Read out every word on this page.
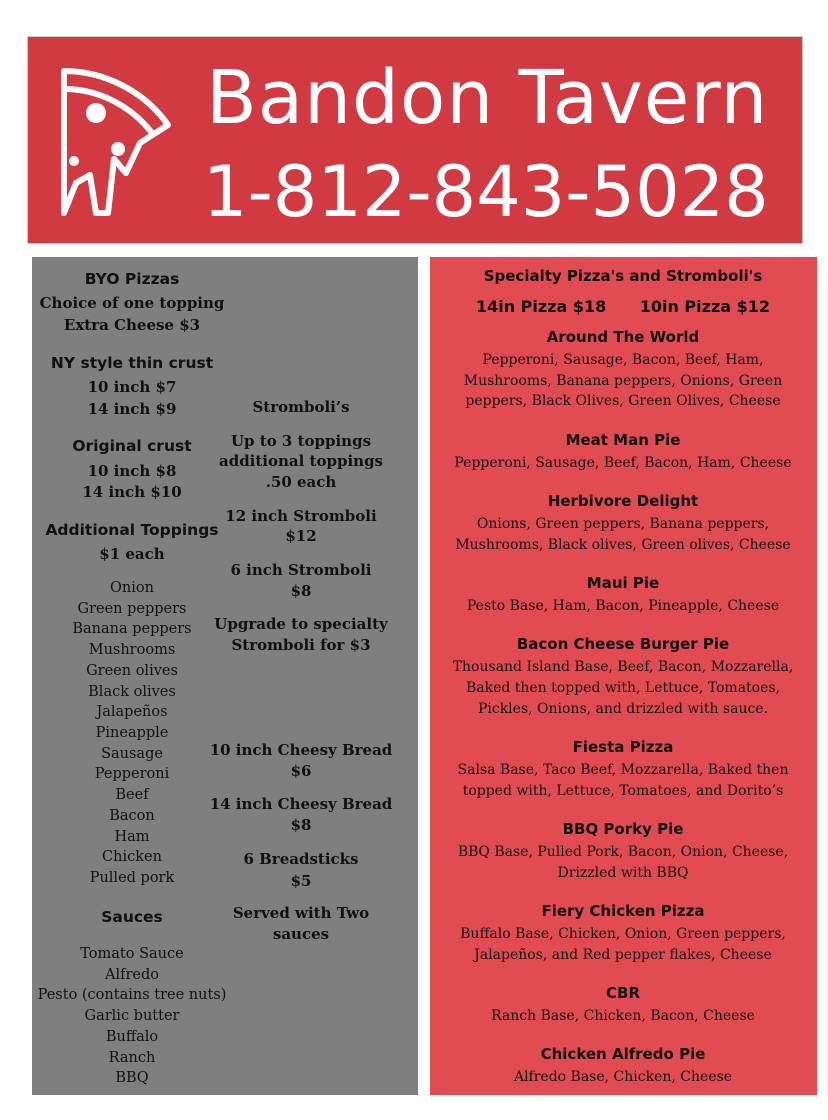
Bandon Tavern
1-812-843-5028
BYO Pizzas
Choice of one topping
Extra Cheese $3
NY style thin crust
10 inch $7
14 inch $9
Original crust
10 inch $8
14 inch $10
Additional Toppings
$1 each
Onion
Green peppers
Banana peppers
Mushrooms
Green olives
Black olives
Jalapeños
Pineapple
Sausage
Pepperoni
Beef
Bacon
Ham
Chicken
Pulled pork
Sauces
Tomato Sauce
Alfredo
Pesto (contains tree nuts)
Garlic butter
Buffalo
Ranch
BBQ
Stromboli’s
Up to 3 toppings
additional toppings
.50 each
12 inch Stromboli
$12
6 inch Stromboli
$8
Upgrade to specialty
Stromboli for $3
10 inch Cheesy Bread
$6
14 inch Cheesy Bread
$8
6 Breadsticks
$5
Served with Two
sauces
Specialty Pizza's and Stromboli's
14in Pizza $18      10in Pizza $12
Around The World
Pepperoni, Sausage, Bacon, Beef, Ham,
Mushrooms, Banana peppers, Onions, Green
peppers, Black Olives, Green Olives, Cheese
Meat Man Pie
Pepperoni, Sausage, Beef, Bacon, Ham, Cheese
Herbivore Delight
Onions, Green peppers, Banana peppers,
Mushrooms, Black olives, Green olives, Cheese
Maui Pie
Pesto Base, Ham, Bacon, Pineapple, Cheese
Bacon Cheese Burger Pie
Thousand Island Base, Beef, Bacon, Mozzarella,
Baked then topped with, Lettuce, Tomatoes,
Pickles, Onions, and drizzled with sauce.
Fiesta Pizza
Salsa Base, Taco Beef, Mozzarella, Baked then
topped with, Lettuce, Tomatoes, and Dorito’s
BBQ Porky Pie
BBQ Base, Pulled Pork, Bacon, Onion, Cheese,
Drizzled with BBQ
Fiery Chicken Pizza
Buffalo Base, Chicken, Onion, Green peppers,
Jalapeños, and Red pepper flakes, Cheese
CBR
Ranch Base, Chicken, Bacon, Cheese
Chicken Alfredo Pie
Alfredo Base, Chicken, Cheese
